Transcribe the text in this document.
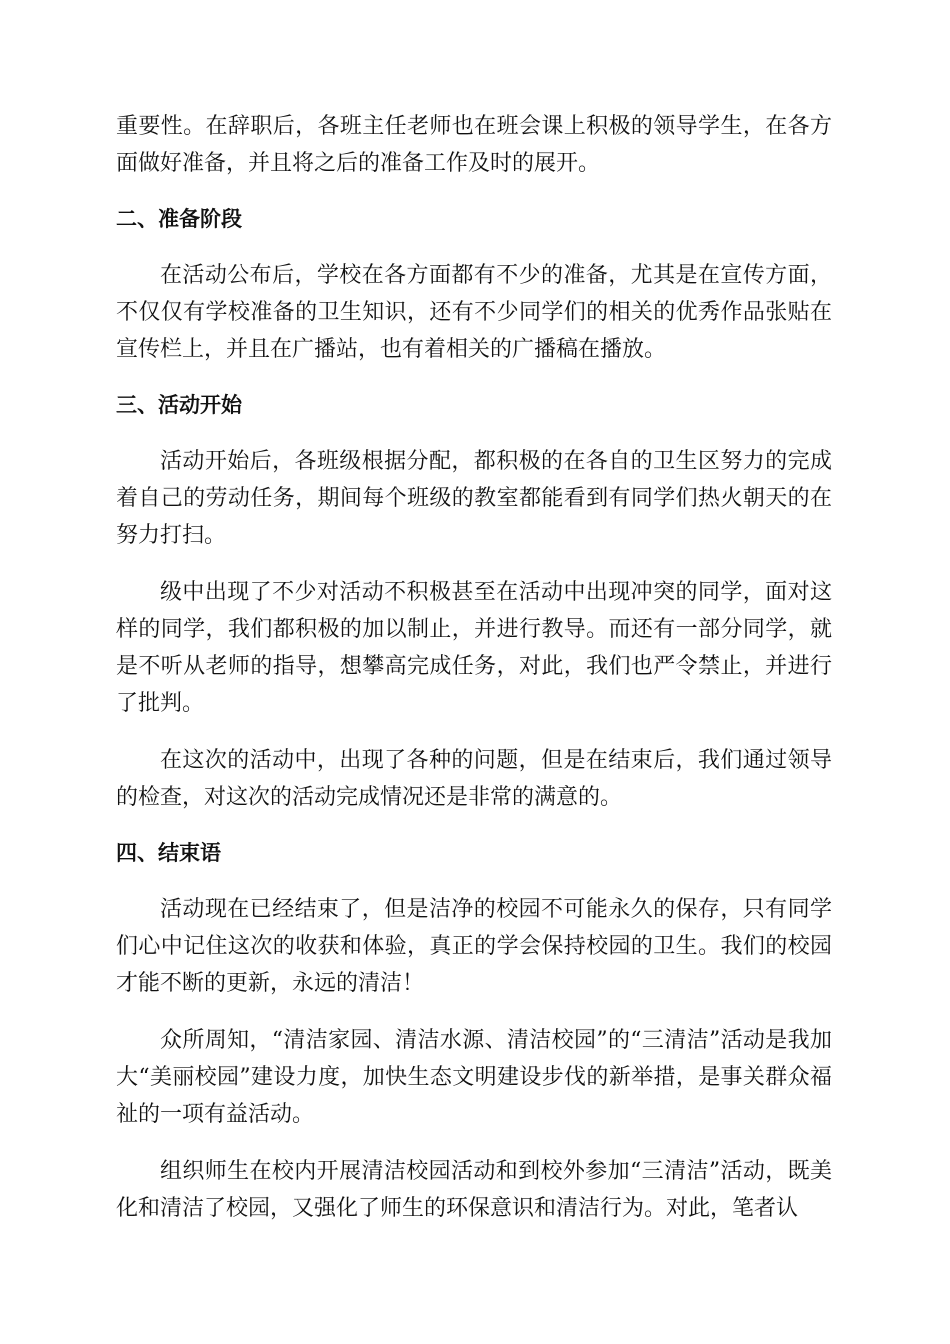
重要性。在辞职后，各班主任老师也在班会课上积极的领导学生，在各方面做好准备，并且将之后的准备工作及时的展开。

二、准备阶段

在活动公布后，学校在各方面都有不少的准备，尤其是在宣传方面，不仅仅有学校准备的卫生知识，还有不少同学们的相关的优秀作品张贴在宣传栏上，并且在广播站，也有着相关的广播稿在播放。

三、活动开始

活动开始后，各班级根据分配，都积极的在各自的卫生区努力的完成着自己的劳动任务，期间每个班级的教室都能看到有同学们热火朝天的在努力打扫。

级中出现了不少对活动不积极甚至在活动中出现冲突的同学，面对这样的同学，我们都积极的加以制止，并进行教导。而还有一部分同学，就是不听从老师的指导，想攀高完成任务，对此，我们也严令禁止，并进行了批判。

在这次的活动中，出现了各种的问题，但是在结束后，我们通过领导的检查，对这次的活动完成情况还是非常的满意的。

四、结束语

活动现在已经结束了，但是洁净的校园不可能永久的保存，只有同学们心中记住这次的收获和体验，真正的学会保持校园的卫生。我们的校园才能不断的更新，永远的清洁！

众所周知，“清洁家园、清洁水源、清洁校园”的“三清洁”活动是我加大“美丽校园”建设力度，加快生态文明建设步伐的新举措，是事关群众福祉的一项有益活动。

组织师生在校内开展清洁校园活动和到校外参加“三清洁”活动，既美化和清洁了校园，又强化了师生的环保意识和清洁行为。对此，笔者认
